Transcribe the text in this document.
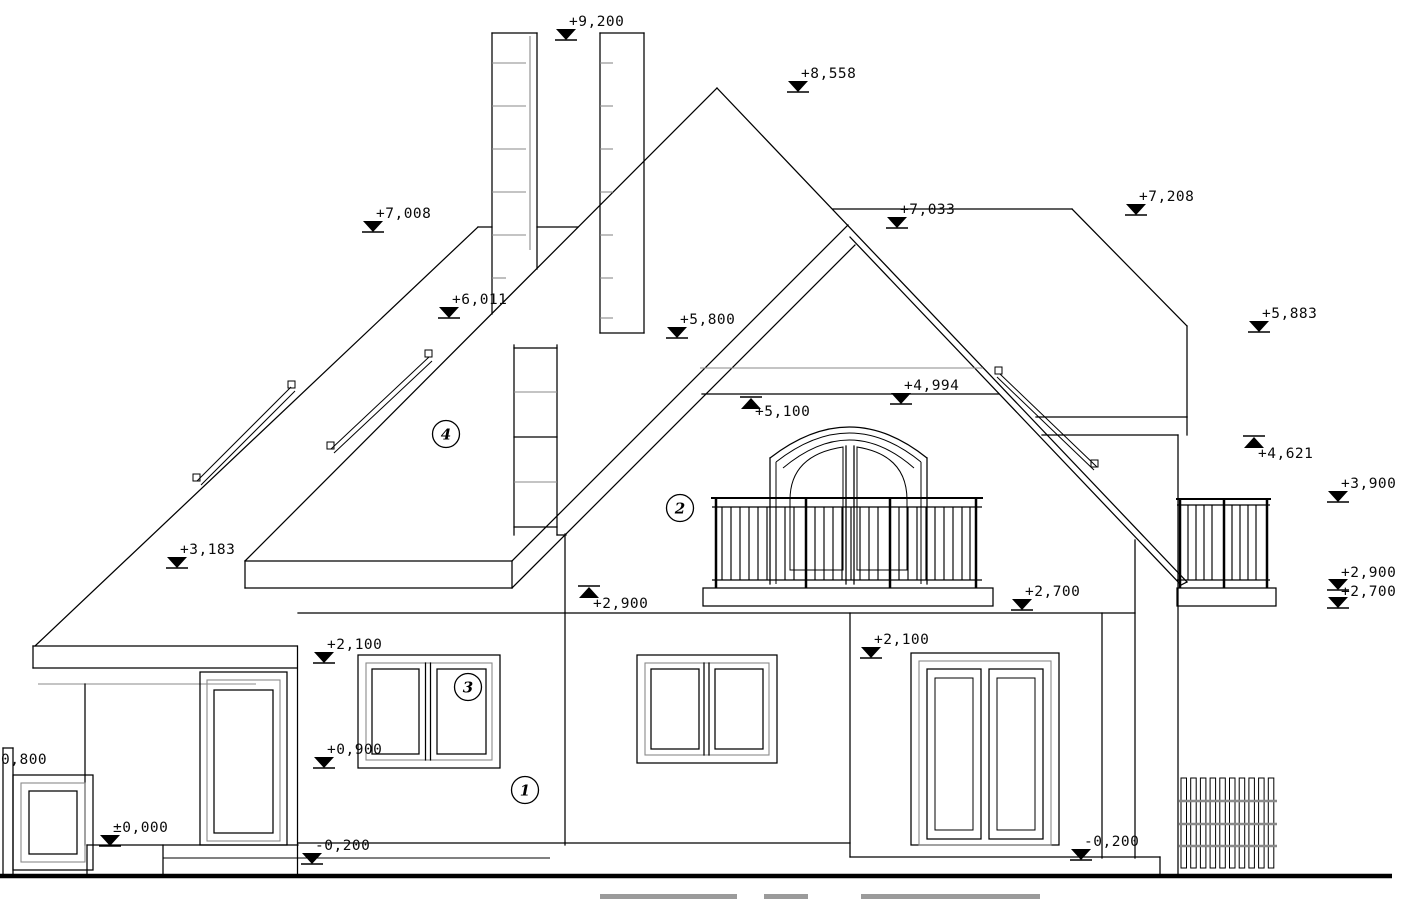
+9,200
+8,558
+7,008	+7,033
+7,208
+6,011
+5,800	+5,883
+4,994
+3,900
+3,183
+2,900
+2,700	+2,700
+2,100	+2,100
+0,900
±0,000
-0,200	-0,200
+5,100
+4,621
+2,900
0,800
1
2
3
4
